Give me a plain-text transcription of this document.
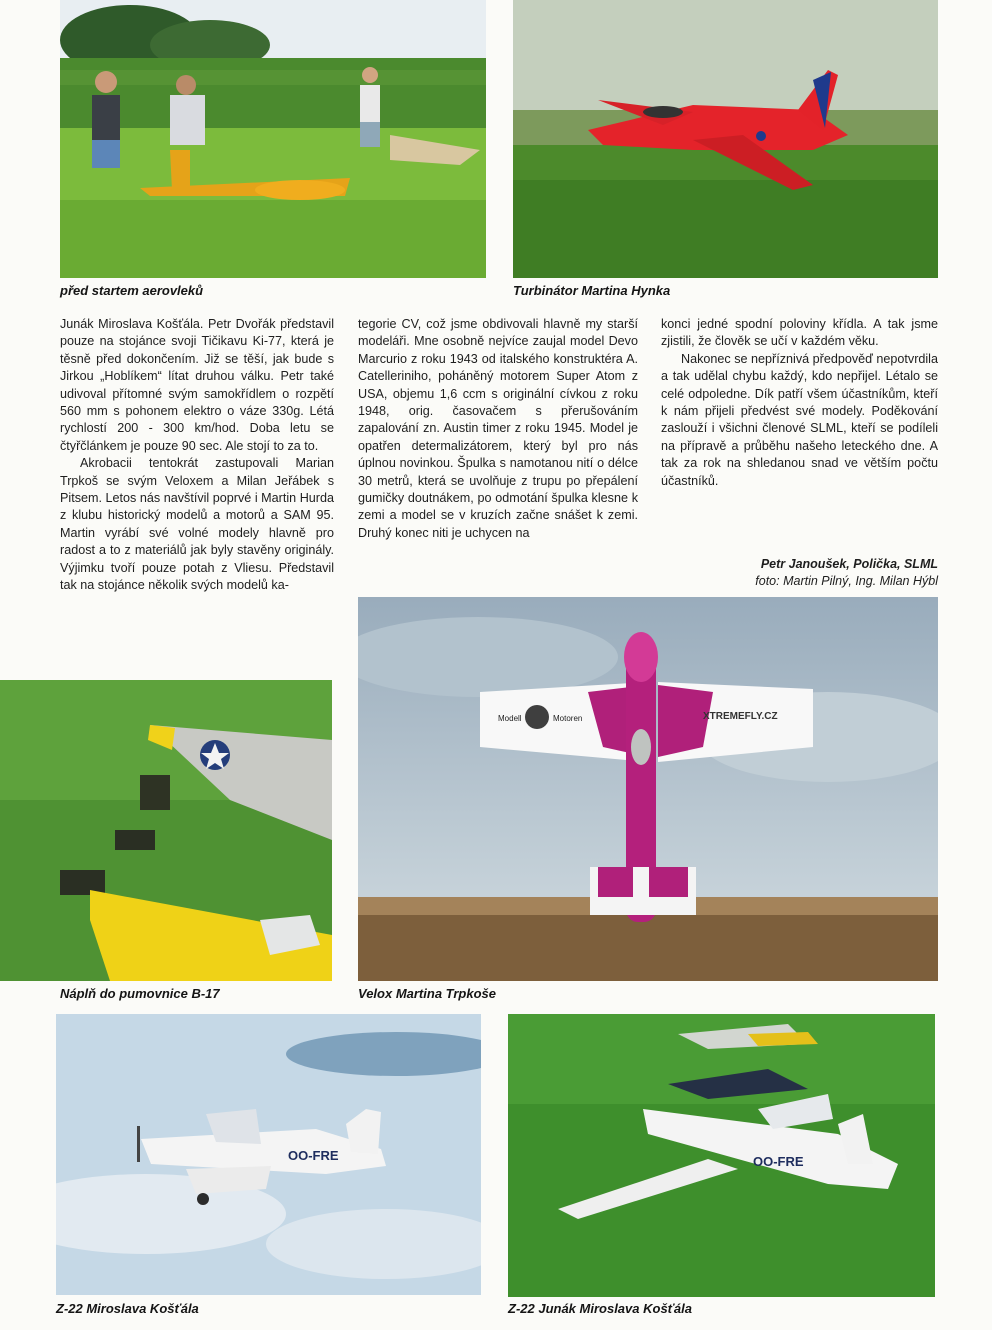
před startem aerovleků	Turbinátor Martina Hynka

Junák Miroslava Košťála. Petr Dvořák představil pouze na stojánce svoji Tičikavu Ki-77, která je těsně před dokončením. Již se těší, jak bude s Jirkou „Hoblíkem“ lítat druhou válku. Petr také udivoval přítomné svým samokřídlem o rozpětí 560 mm s pohonem elektro o váze 330g. Létá rychlostí 200 - 300 km/hod. Doba letu se čtyřčlánkem je pouze 90 sec. Ale stojí to za to.

Akrobacii tentokrát zastupovali Marian Trpkoš se svým Veloxem a Milan Jeřábek s Pitsem. Letos nás navštívil poprvé i Martin Hurda z klubu historický modelů a motorů a SAM 95. Martin vyrábí své volné modely hlavně pro radost a to z materiálů jak byly stavěny originály. Výjimku tvoří pouze potah z Vliesu. Představil tak na stojánce několik svých modelů ka-

tegorie CV, což jsme obdivovali hlavně my starší modeláři. Mne osobně nejvíce zaujal model Devo Marcurio z roku 1943 od italského konstruktéra A. Catelleriniho, poháněný motorem Super Atom z USA, objemu 1,6 ccm s originální cívkou z roku 1948, orig. časovačem s přerušováním zapalování zn. Austin timer z roku 1945. Model je opatřen determalizátorem, který byl pro nás úplnou novinkou. Špulka s namotanou nití o délce 30 metrů, která se uvolňuje z trupu po přepálení gumičky doutnákem, po odmotání špulka klesne k zemi a model se v kruzích začne snášet k zemi. Druhý konec niti je uchycen na

konci jedné spodní poloviny křídla. A tak jsme zjistili, že člověk se učí v každém věku.

Nakonec se nepříznivá předpověď nepotvrdila a tak udělal chybu každý, kdo nepřijel. Létalo se celé odpoledne. Dík patří všem účastníkům, kteří k nám přijeli předvést své modely. Poděkování zaslouží i všichni členové SLML, kteří se podíleli na přípravě a průběhu našeho leteckého dne. A tak za rok na shledanou snad ve větším počtu účastníků.

Petr Janoušek, Polička, SLML
foto: Martin Pilný, Ing. Milan Hýbl
Modell	Motoren	XTREMEFLY.CZ
Náplň do pumovnice B-17	Velox Martina Trpkoše
OO-FRE	OO-FRE
Z-22 Miroslava Košťála	Z-22 Junák Miroslava Košťála
